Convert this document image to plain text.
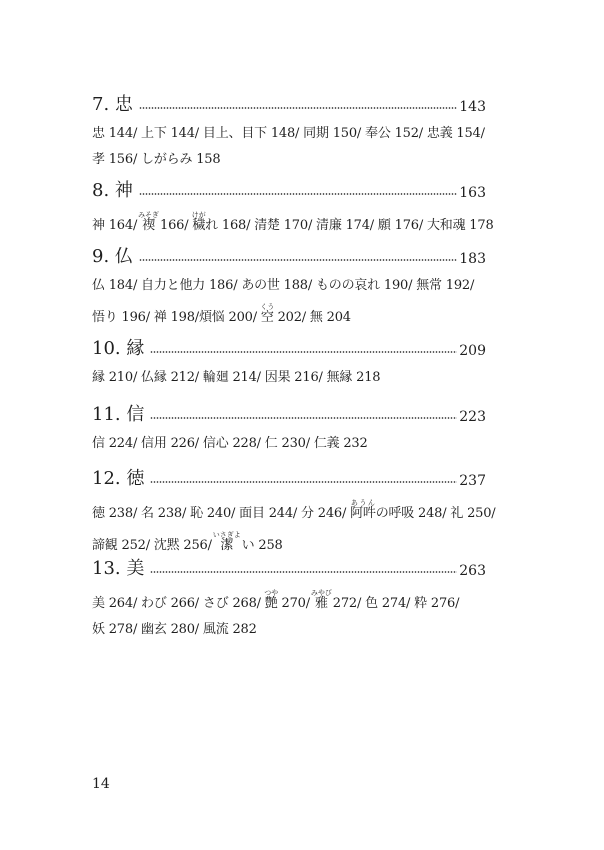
7. 忠	143
忠 144/ 上下 144/ 目上、目下 148/ 同期 150/ 奉公 152/ 忠義 154/
孝 156/ しがらみ 158
8. 神	163
神 164/ 禊みそぎ 166/ 穢けがれ 168/ 清楚 170/ 清廉 174/ 願 176/ 大和魂 178
9. 仏	183
仏 184/ 自力と他力 186/ あの世 188/ ものの哀れ 190/ 無常 192/
悟り 196/ 禅 198/煩悩 200/ 空くう 202/ 無 204
10. 縁	209
縁 210/ 仏縁 212/ 輪廻 214/ 因果 216/ 無縁 218
11. 信	223
信 224/ 信用 226/ 信心 228/ 仁 230/ 仁義 232
12. 徳	237
徳 238/ 名 238/ 恥 240/ 面目 244/ 分 246/ 阿吽あうんの呼吸 248/ 礼 250/
諦観 252/ 沈黙 256/ 潔いさぎよ い 258
13. 美	263
美 264/ わび 266/ さび 268/ 艶つや 270/ 雅みやび 272/ 色 274/ 粋 276/
妖 278/ 幽玄 280/ 風流 282
14
